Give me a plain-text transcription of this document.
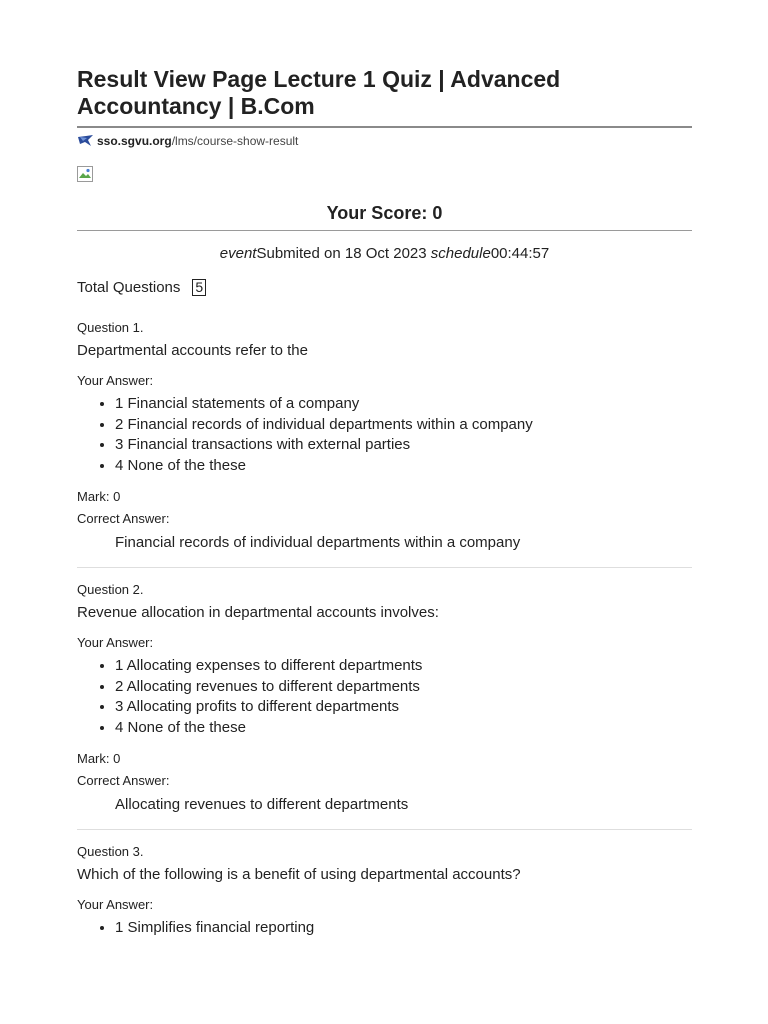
Result View Page Lecture 1 Quiz | Advanced Accountancy | B.Com
sso.sgvu.org /lms/course-show-result
Your Score: 0
eventSubmited on 18 Oct 2023 schedule00:44:57
Total Questions 5
Question 1.
Departmental accounts refer to the
Your Answer:
• 1 Financial statements of a company
• 2 Financial records of individual departments within a company
• 3 Financial transactions with external parties
• 4 None of the these
Mark: 0
Correct Answer:
Financial records of individual departments within a company
Question 2.
Revenue allocation in departmental accounts involves:
Your Answer:
• 1 Allocating expenses to different departments
• 2 Allocating revenues to different departments
• 3 Allocating profits to different departments
• 4 None of the these
Mark: 0
Correct Answer:
Allocating revenues to different departments
Question 3.
Which of the following is a benefit of using departmental accounts?
Your Answer:
• 1 Simplifies financial reporting
